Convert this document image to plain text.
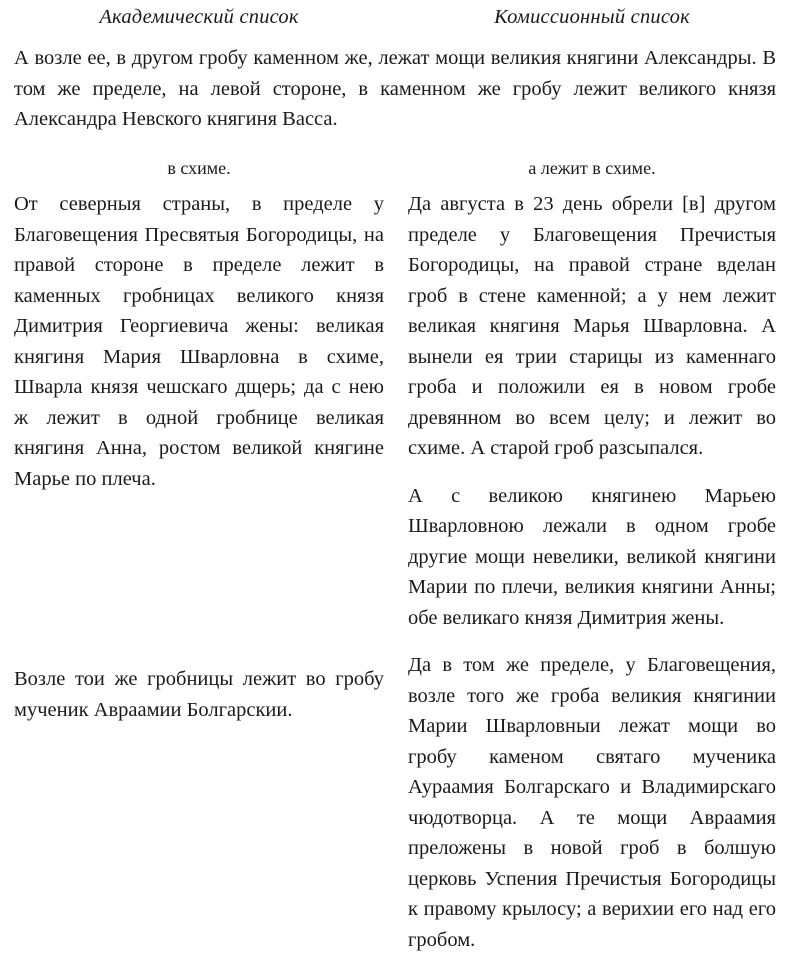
Академический список	Комиссионный список

А возле ее, в другом гробу каменном же, лежат мощи великия княгини Александры. В том же пределе, на левой стороне, в каменном же гробу лежит великого князя Александра Невского княгиня Васса.

в схиме.	а лежит в схиме.

От северныя страны, в пределе у Благовещения Пресвятыя Богородицы, на правой стороне в пределе лежит в каменных гробницах великого князя Димитрия Георгиевича жены: великая княгиня Мария Шварловна в схиме, Шварла князя чешскаго дщерь; да с нею ж лежит в одной гробнице великая княгиня Анна, ростом великой княгине Марье по плеча.

Возле тои же гробницы лежит во гробу мученик Авраамии Болгарскии.

Да августа в 23 день обрели [в] другом пределе у Благовещения Пречистыя Богородицы, на правой стране вделан гроб в стене каменной; а у нем лежит великая княгиня Марья Шварловна. А вынели ея трии старицы из каменнаго гроба и положили ея в новом гробе древянном во всем целу; и лежит во схиме. А старой гроб разсыпался.

А с великою княгинею Марьею Шварловною лежали в одном гробе другие мощи невелики, великой княгини Марии по плечи, великия княгини Анны; обе великаго князя Димитрия жены.

Да в том же пределе, у Благовещения, возле того же гроба великия княгинии Марии Шварловныи лежат мощи во гробу каменом святаго мученика Аураамия Болгарскаго и Владимирскаго чюдотворца. А те мощи Авраамия преложены в новой гроб в болшую церковь Успения Пречистыя Богородицы к правому крылосу; а верихии его над его гробом.
